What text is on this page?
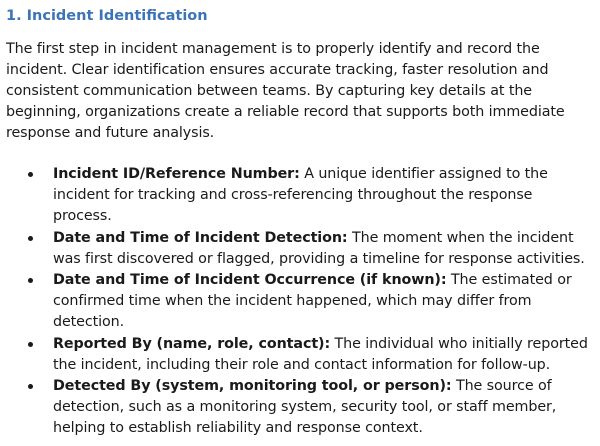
1. Incident Identification

The first step in incident management is to properly identify and record the incident. Clear identification ensures accurate tracking, faster resolution and consistent communication between teams. By capturing key details at the beginning, organizations create a reliable record that supports both immediate response and future analysis.

Incident ID/Reference Number: A unique identifier assigned to the incident for tracking and cross-referencing throughout the response process.
Date and Time of Incident Detection: The moment when the incident was first discovered or flagged, providing a timeline for response activities.
Date and Time of Incident Occurrence (if known): The estimated or confirmed time when the incident happened, which may differ from detection.
Reported By (name, role, contact): The individual who initially reported the incident, including their role and contact information for follow-up.
Detected By (system, monitoring tool, or person): The source of detection, such as a monitoring system, security tool, or staff member, helping to establish reliability and response context.
